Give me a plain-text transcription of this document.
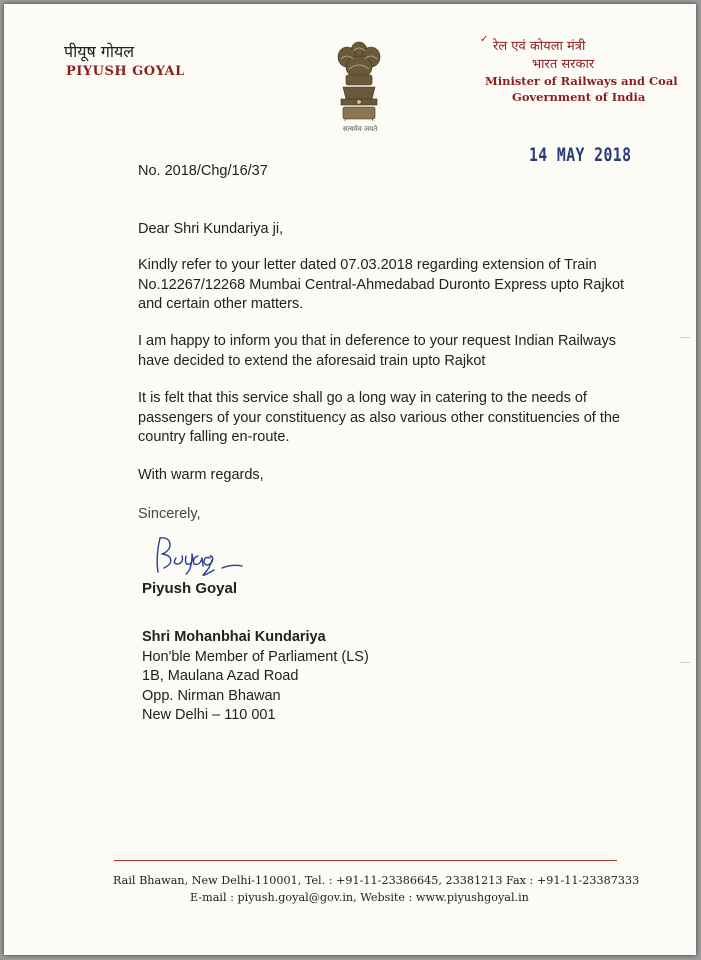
पीयूष गोयल
PIYUSH GOYAL
सत्यमेव जयते
✓ रेल एवं कोयला मंत्री
भारत सरकार
Minister of Railways and Coal
Government of India
14 MAY 2018
No. 2018/Chg/16/37
Dear Shri Kundariya ji,
Kindly refer to your letter dated 07.03.2018 regarding extension of Train No.12267/12268 Mumbai Central-Ahmedabad Duronto Express upto Rajkot and certain other matters.
I am happy to inform you that in deference to your request Indian Railways have decided to extend the aforesaid train upto Rajkot
It is felt that this service shall go a long way in catering to the needs of passengers of your constituency as also various other constituencies of the country falling en-route.
With warm regards,
Sincerely,
Piyush Goyal
Shri Mohanbhai Kundariya
Hon'ble Member of Parliament (LS)
1B, Maulana Azad Road
Opp. Nirman Bhawan
New Delhi – 110 001
Rail Bhawan, New Delhi-110001, Tel. : +91-11-23386645, 23381213 Fax : +91-11-23387333
E-mail : piyush.goyal@gov.in, Website : www.piyushgoyal.in
